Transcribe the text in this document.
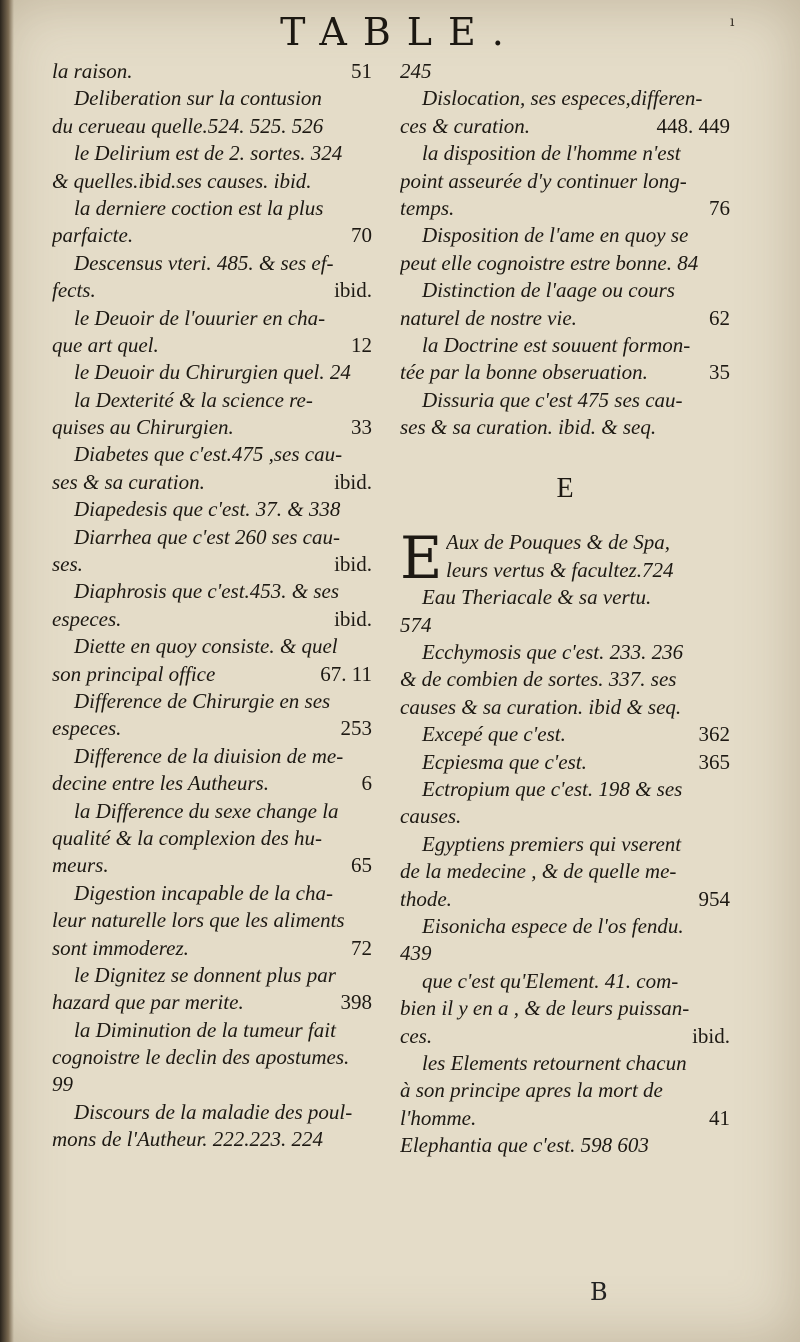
TABLE.	ı
la raison.	51
Deliberation sur la contusion
du cerueau quelle.524. 525. 526
le Delirium est de 2. sortes. 324
& quelles.ibid.ses causes. ibid.
la derniere coction est la plus
parfaicte.	70
Descensus vteri. 485. & ses ef-
fects.	ibid.
le Deuoir de l'ouurier en cha-
que art quel.	12
le Deuoir du Chirurgien quel. 24
la Dexterité & la science re-
quises au Chirurgien.	33
Diabetes que c'est.475 ,ses cau-
ses & sa curation.	ibid.
Diapedesis que c'est. 37. & 338
Diarrhea que c'est 260 ses cau-
ses.	ibid.
Diaphrosis que c'est.453. & ses
especes.	ibid.
Diette en quoy consiste. & quel
son principal office	67. 11
Difference de Chirurgie en ses
especes.	253
Difference de la diuision de me-
decine entre les Autheurs.	6
la Difference du sexe change la
qualité & la complexion des hu-
meurs.	65
Digestion incapable de la cha-
leur naturelle lors que les aliments
sont immoderez.	72
le Dignitez se donnent plus par
hazard que par merite.	398
la Diminution de la tumeur fait
cognoistre le declin des apostumes.
99
Discours de la maladie des poul-
mons de l'Autheur. 222.223. 224
245
Dislocation, ses especes,differen-
ces & curation.	448. 449
la disposition de l'homme n'est
point asseurée d'y continuer long-
temps.	76
Disposition de l'ame en quoy se
peut elle cognoistre estre bonne. 84
Distinction de l'aage ou cours
naturel de nostre vie.	62
la Doctrine est souuent formon-
tée par la bonne obseruation.	35
Dissuria que c'est 475 ses cau-
ses & sa curation. ibid. & seq.
E
E Aux de Pouques & de Spa,
leurs vertus & facultez.724
Eau Theriacale & sa vertu.
574
Ecchymosis que c'est. 233. 236
& de combien de sortes. 337. ses
causes & sa curation. ibid & seq.
Excepé que c'est.	362
Ecpiesma que c'est.	365
Ectropium que c'est. 198 & ses
causes.
Egyptiens premiers qui vserent
de la medecine , & de quelle me-
thode.	954
Eisonicha espece de l'os fendu.
439
que c'est qu'Element. 41. com-
bien il y en a , & de leurs puissan-
ces.	ibid.
les Elements retournent chacun
à son principe apres la mort de
l'homme.	41
Elephantia que c'est. 598 603
B
